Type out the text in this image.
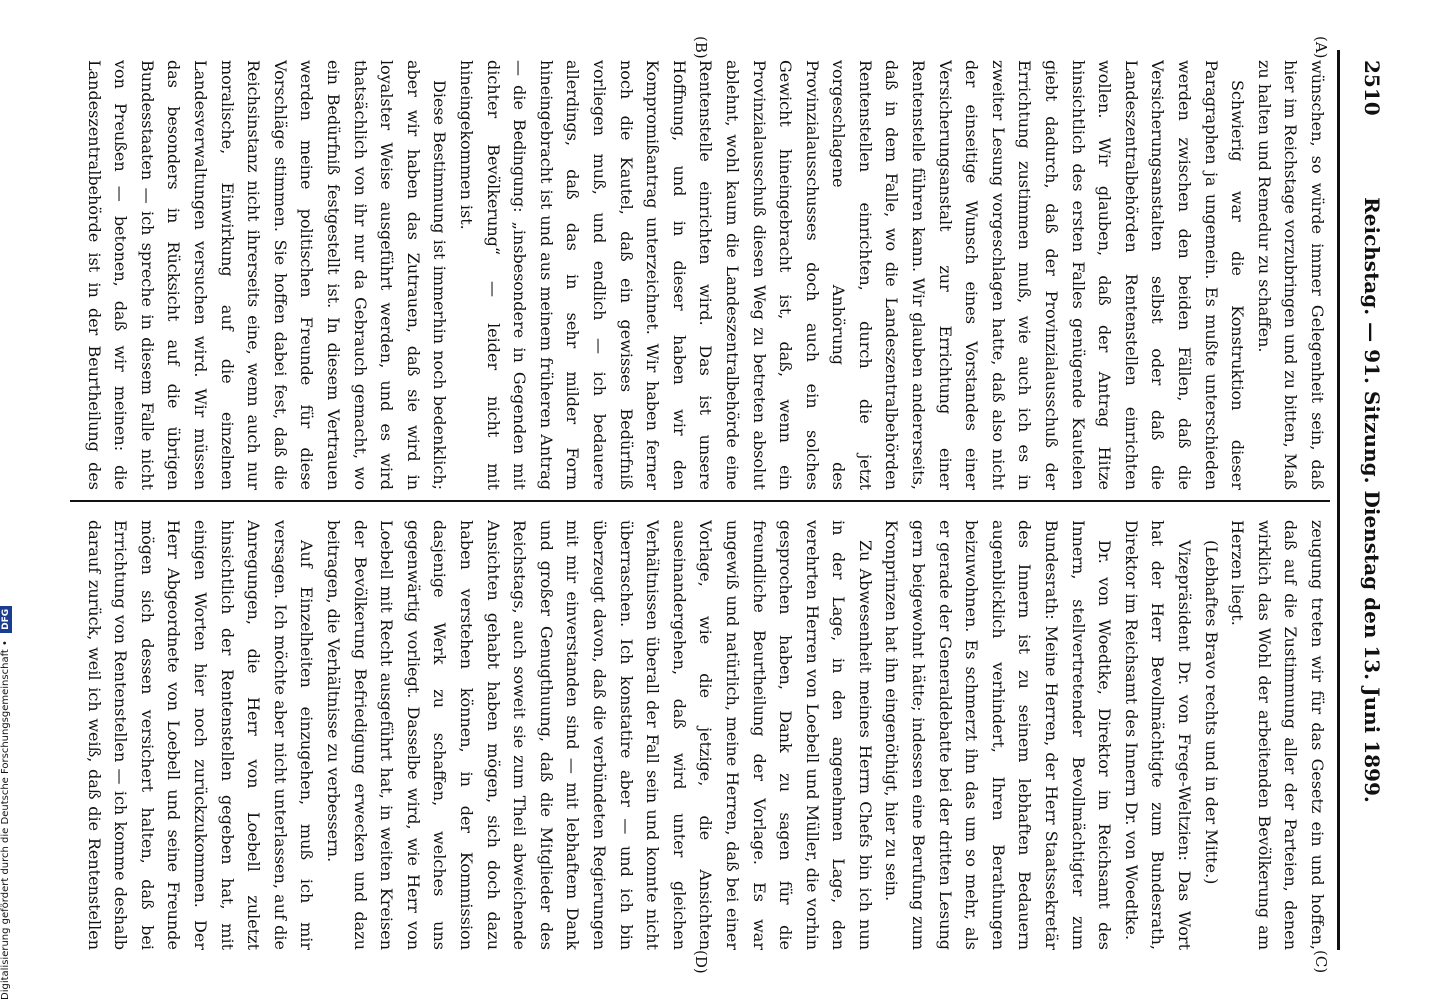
2510
Reichstag. — 91. Sitzung. Dienstag den 13. Juni 1899.
(A)
(B)
(C)
(D)

wünschen, so würde immer Gelegenheit sein, daß hier im Reichstage vorzubringen und zu bitten, Maß zu halten und Remedur zu schaffen.

Schwierig war die Konstruktion dieser Paragraphen ja ungemein. Es mußte unterschieden werden zwischen den beiden Fällen, daß die Versicherungsanstalten selbst oder daß die Landeszentralbehörden Rentenstellen einrichten wollen. Wir glauben, daß der Antrag Hitze hinsichtlich des ersten Falles genügende Kautelen giebt dadurch, daß der Provinzialausschuß der Errichtung zustimmen muß, wie auch ich es in zweiter Lesung vorgeschlagen hatte, daß also nicht der einseitige Wunsch eines Vorstandes einer Versicherungsanstalt zur Errichtung einer Rentenstelle führen kann. Wir glauben andererseits, daß in dem Falle, wo die Landeszentralbehörden Rentenstellen einrichten, durch die jetzt vorgeschlagene Anhörung des Provinzialausschusses doch auch ein solches Gewicht hineingebracht ist, daß, wenn ein Provinzialausschuß diesen Weg zu betreten absolut ablehnt, wohl kaum die Landeszentralbehörde eine Rentenstelle einrichten wird. Das ist unsere Hoffnung, und in dieser haben wir den Kompromißantrag unterzeichnet. Wir haben ferner noch die Kautel, daß ein gewisses Bedürfniß vorliegen muß, und endlich — ich bedauere allerdings, daß das in sehr milder Form hineingebracht ist und aus meinem früheren Antrag — die Bedingung: „insbesondere in Gegenden mit dichter Bevölkerung“ — leider nicht mit hineingekommen ist.

Diese Bestimmung ist immerhin noch bedenklich; aber wir haben das Zutrauen, daß sie wird in loyalster Weise ausgeführt werden, und es wird thatsächlich von ihr nur da Gebrauch gemacht, wo ein Bedürfniß festgestellt ist. In diesem Vertrauen werden meine politischen Freunde für diese Vorschläge stimmen. Sie hoffen dabei fest, daß die Reichsinstanz nicht ihrerseits eine, wenn auch nur moralische, Einwirkung auf die einzelnen Landesverwaltungen versuchen wird. Wir müssen das besonders in Rücksicht auf die übrigen Bundesstaaten — ich spreche in diesem Falle nicht von Preußen — betonen, daß wir meinen: die Landeszentralbehörde ist in der Beurtheilung des

zeugung treten wir für das Gesetz ein und hoffen, daß auf die Zustimmung aller der Parteien, denen wirklich das Wohl der arbeitenden Bevölkerung am Herzen liegt.

(Lebhaftes Bravo rechts und in der Mitte.)

Vizepräsident Dr. von Frege-Weltzien: Das Wort hat der Herr Bevollmächtigte zum Bundesrath, Direktor im Reichsamt des Innern Dr. von Woedtke.

Dr. von Woedtke, Direktor im Reichsamt des Innern, stellvertretender Bevollmächtigter zum Bundesrath: Meine Herren, der Herr Staatssekretär des Innern ist zu seinem lebhaften Bedauern augenblicklich verhindert, Ihren Berathungen beizuwohnen. Es schmerzt ihn das um so mehr, als er gerade der Generaldebatte bei der dritten Lesung gern beigewohnt hätte; indessen eine Berufung zum Kronprinzen hat ihn eingenöthigt, hier zu sein.

Zu Abwesenheit meines Herrn Chefs bin ich nun in der Lage, in den angenehmen Lage, den verehrten Herren von Loebell und Müller, die vorhin gesprochen haben, Dank zu sagen für die freundliche Beurtheilung der Vorlage. Es war ungewiß und natürlich, meine Herren, daß bei einer Vorlage, wie die jetzige, die Ansichten auseinandergehen, daß wird unter gleichen Verhältnissen überall der Fall sein und konnte nicht überraschen. Ich konstatire aber — und ich bin überzeugt davon, daß die verbündeten Regierungen mit mir einverstanden sind — mit lebhaftem Dank und großer Genugthuung, daß die Mitglieder des Reichstags, auch soweit sie zum Theil abweichende Ansichten gehabt haben mögen, sich doch dazu haben verstehen können, in der Kommission dasjenige Werk zu schaffen, welches uns gegenwärtig vorliegt. Dasselbe wird, wie Herr von Loebell mit Recht ausgeführt hat, in weiten Kreisen der Bevölkerung Befriedigung erwecken und dazu beitragen, die Verhältnisse zu verbessern.

Auf Einzelheiten einzugehen, muß ich mir versagen. Ich möchte aber nicht unterlassen, auf die Anregungen, die Herr von Loebell zuletzt hinsichtlich der Rentenstellen gegeben hat, mit einigen Worten hier noch zurückzukommen. Der Herr Abgeordnete von Loebell und seine Freunde mögen sich dessen versichert halten, daß bei Errichtung von Rentenstellen — ich komme deshalb darauf zurück, weil ich weiß, daß die Rentenstellen

Digitalisierung gefördert durch die Deutsche Forschungsgemeinschaft • DFG
